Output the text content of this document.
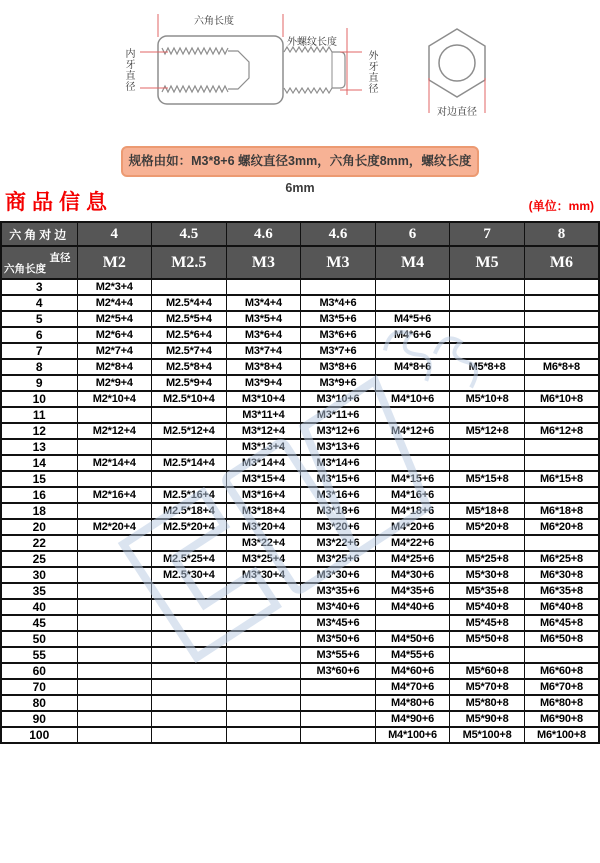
六角长度
外螺纹长度
内牙直径	外牙直径
对边直径
规格由如：M3*8+6 螺纹直径3mm，六角长度8mm，螺纹长度6mm
商品信息	(单位：mm)
六角对边	4	4.5	4.6	4.6	6	7	8

直径
六角长度	M2	M2.5	M3	M3	M4	M5	M6
3	M2*3+4						
4	M2*4+4	M2.5*4+4	M3*4+4	M3*4+6			
5	M2*5+4	M2.5*5+4	M3*5+4	M3*5+6	M4*5+6		
6	M2*6+4	M2.5*6+4	M3*6+4	M3*6+6	M4*6+6		
7	M2*7+4	M2.5*7+4	M3*7+4	M3*7+6			
8	M2*8+4	M2.5*8+4	M3*8+4	M3*8+6	M4*8+6	M5*8+8	M6*8+8
9	M2*9+4	M2.5*9+4	M3*9+4	M3*9+6			
10	M2*10+4	M2.5*10+4	M3*10+4	M3*10+6	M4*10+6	M5*10+8	M6*10+8
11			M3*11+4	M3*11+6			
12	M2*12+4	M2.5*12+4	M3*12+4	M3*12+6	M4*12+6	M5*12+8	M6*12+8
13			M3*13+4	M3*13+6			
14	M2*14+4	M2.5*14+4	M3*14+4	M3*14+6			
15			M3*15+4	M3*15+6	M4*15+6	M5*15+8	M6*15+8
16	M2*16+4	M2.5*16+4	M3*16+4	M3*16+6	M4*16+6		
18		M2.5*18+4	M3*18+4	M3*18+6	M4*18+6	M5*18+8	M6*18+8
20	M2*20+4	M2.5*20+4	M3*20+4	M3*20+6	M4*20+6	M5*20+8	M6*20+8
22			M3*22+4	M3*22+6	M4*22+6		
25		M2.5*25+4	M3*25+4	M3*25+6	M4*25+6	M5*25+8	M6*25+8
30		M2.5*30+4	M3*30+4	M3*30+6	M4*30+6	M5*30+8	M6*30+8
35				M3*35+6	M4*35+6	M5*35+8	M6*35+8
40				M3*40+6	M4*40+6	M5*40+8	M6*40+8
45				M3*45+6		M5*45+8	M6*45+8
50				M3*50+6	M4*50+6	M5*50+8	M6*50+8
55				M3*55+6	M4*55+6		
60				M3*60+6	M4*60+6	M5*60+8	M6*60+8
70					M4*70+6	M5*70+8	M6*70+8
80					M4*80+6	M5*80+8	M6*80+8
90					M4*90+6	M5*90+8	M6*90+8
100					M4*100+6	M5*100+8	M6*100+8
